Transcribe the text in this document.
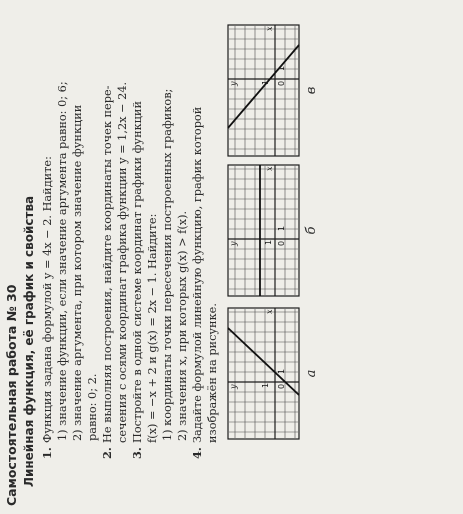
Самостоятельная работа № 30 Линейная функция, её график и свойства 1.
Функция задана формулой y = 4x − 2. Найдите: 1) значение функции, если значение аргумента равно: 0; 6; 2) значение аргумента, при котором значение функции равно: 0; 2.
2.
Не выполняя построения, найдите координаты точек пере- сечения с осями координат графика функции y = 1,2x − 24.
3.
Постройте в одной системе координат графики функций f(x) = −x + 2 и g(x) = 2x − 1. Найдите: 1) координаты точки пересечения построенных графиков; 2) значения x, при которых g(x) > f(x).
4.
Задайте формулой линейную функцию, график которой изображён на рисунке. y
x
0
1
1
а
y
x
0
1
1
б
y
x
0
1
1
в
